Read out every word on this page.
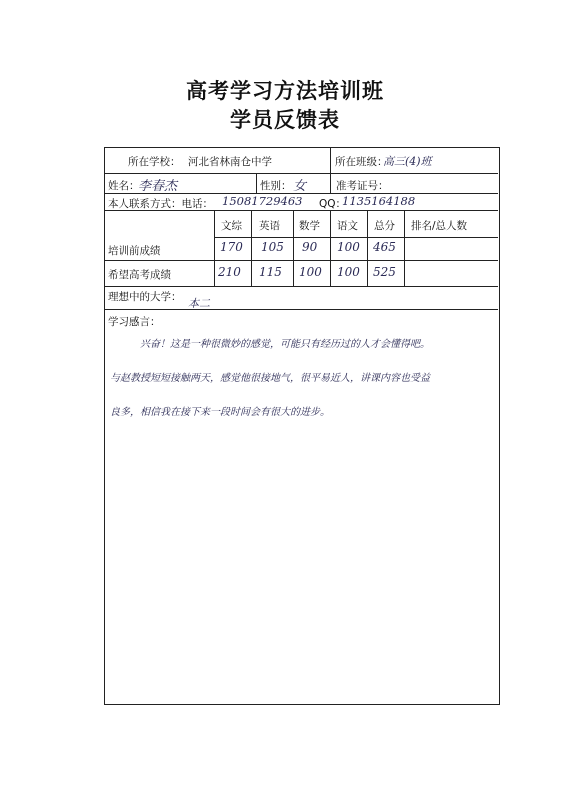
高考学习方法培训班
学员反馈表
所在学校： 河北省林南仓中学	所在班级：
高三(4)班
姓名：
李春杰	性别： 女	准考证号：
本人联系方式：电话： 15081729463 QQ：
1135164188
文综 英语 数学 语文 总分 排名/总人数
培训前成绩	170 105 90 100 465
希望高考成绩	210 115 100 100 525
理想中的大学： 本二
学习感言：
兴奋！这是一种很微妙的感觉，可能只有经历过的人才会懂得吧。
与赵教授短短接触两天，感觉他很接地气，很平易近人，讲课内容也受益
良多，相信我在接下来一段时间会有很大的进步。
